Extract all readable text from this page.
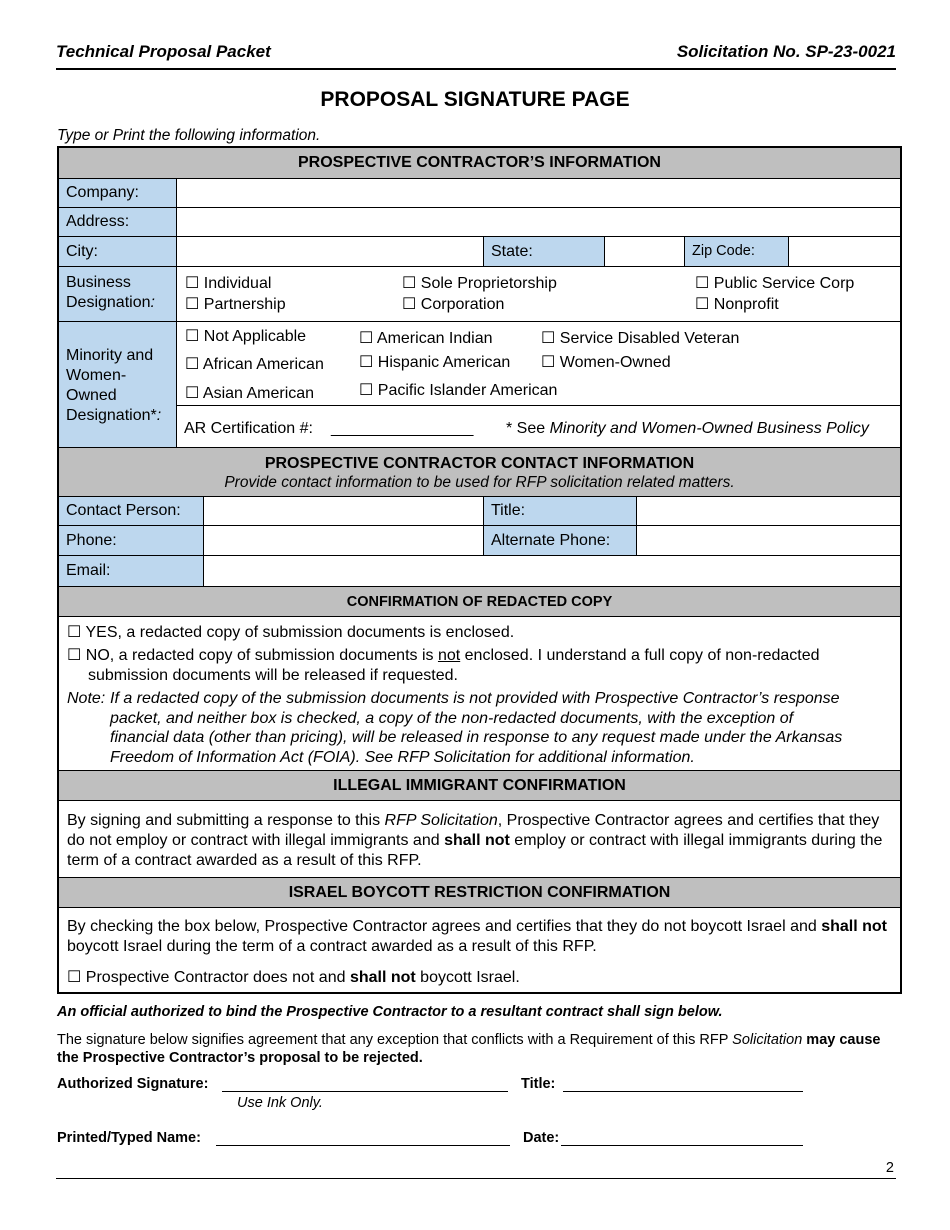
Technical Proposal Packet	Solicitation No. SP-23-0021
PROPOSAL SIGNATURE PAGE
Type or Print the following information.
PROSPECTIVE CONTRACTOR’S INFORMATION
Company:
Address:
City:	State:	Zip Code:
Business
Designation:
☐ Individual	☐ Sole Proprietorship	☐ Public Service Corp
☐ Partnership	☐ Corporation	☐ Nonprofit
Minority and
Women-
Owned
Designation*:
☐ Not Applicable	☐ American Indian	☐ Service Disabled Veteran
☐ African American ☐ Hispanic American ☐ Women-Owned
☐ Asian American	☐ Pacific Islander American
AR Certification #: ________________ * See Minority and Women-Owned Business Policy
PROSPECTIVE CONTRACTOR CONTACT INFORMATION
Provide contact information to be used for RFP solicitation related matters.
Contact Person:	Title:
Phone:	Alternate Phone:
Email:
CONFIRMATION OF REDACTED COPY
☐ YES, a redacted copy of submission documents is enclosed.
☐ NO, a redacted copy of submission documents is not enclosed. I understand a full copy of non-redacted
submission documents will be released if requested.
Note: If a redacted copy of the submission documents is not provided with Prospective Contractor’s response
packet, and neither box is checked, a copy of the non-redacted documents, with the exception of
financial data (other than pricing), will be released in response to any request made under the Arkansas
Freedom of Information Act (FOIA). See RFP Solicitation for additional information.
ILLEGAL IMMIGRANT CONFIRMATION
By signing and submitting a response to this RFP Solicitation, Prospective Contractor agrees and certifies that they do not employ or contract with illegal immigrants and shall not employ or contract with illegal immigrants during the term of a contract awarded as a result of this RFP.
ISRAEL BOYCOTT RESTRICTION CONFIRMATION
By checking the box below, Prospective Contractor agrees and certifies that they do not boycott Israel and shall not boycott Israel during the term of a contract awarded as a result of this RFP.
☐ Prospective Contractor does not and shall not boycott Israel.
An official authorized to bind the Prospective Contractor to a resultant contract shall sign below.
The signature below signifies agreement that any exception that conflicts with a Requirement of this RFP Solicitation may cause the Prospective Contractor’s proposal to be rejected.
Authorized Signature:	Title:
Use Ink Only.
Printed/Typed Name:	Date:
2
